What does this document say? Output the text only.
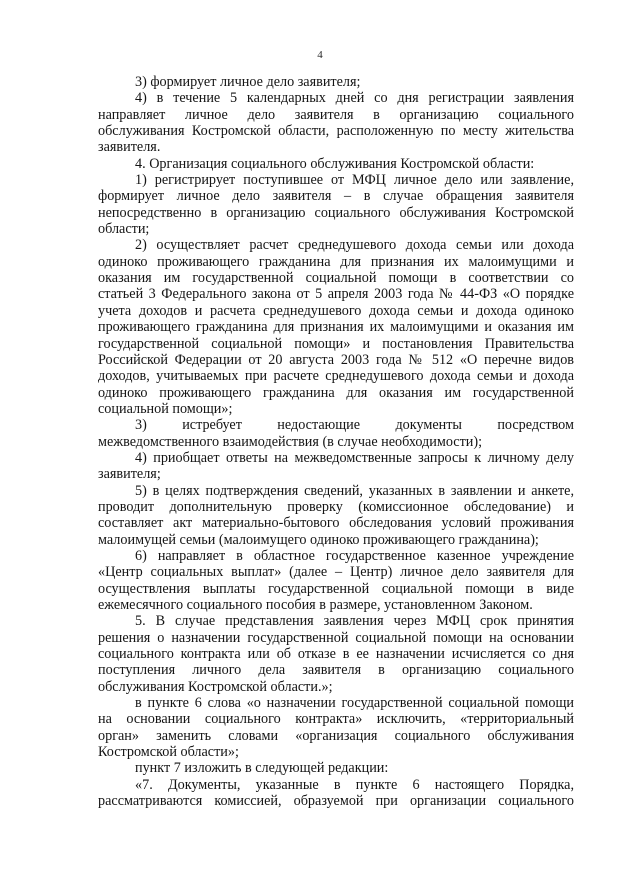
4
3) формирует личное дело заявителя;
4) в течение 5 календарных дней со дня регистрации заявления
направляет личное дело заявителя в организацию социального
обслуживания Костромской области, расположенную по месту жительства
заявителя.
4. Организация социального обслуживания Костромской области:
1) регистрирует поступившее от МФЦ личное дело или заявление,
формирует личное дело заявителя – в случае обращения заявителя
непосредственно в организацию социального обслуживания Костромской
области;
2) осуществляет расчет среднедушевого дохода семьи или дохода
одиноко проживающего гражданина для признания их малоимущими и
оказания им государственной социальной помощи в соответствии со
статьей 3 Федерального закона от 5 апреля 2003 года № 44-ФЗ «О порядке
учета доходов и расчета среднедушевого дохода семьи и дохода одиноко
проживающего гражданина для признания их малоимущими и оказания им
государственной социальной помощи» и постановления Правительства
Российской Федерации от 20 августа 2003 года № 512 «О перечне видов
доходов, учитываемых при расчете среднедушевого дохода семьи и дохода
одиноко проживающего гражданина для оказания им государственной
социальной помощи»;
3) истребует недостающие документы посредством
межведомственного взаимодействия (в случае необходимости);
4) приобщает ответы на межведомственные запросы к личному делу
заявителя;
5) в целях подтверждения сведений, указанных в заявлении и анкете,
проводит дополнительную проверку (комиссионное обследование) и
составляет акт материально-бытового обследования условий проживания
малоимущей семьи (малоимущего одиноко проживающего гражданина);
6) направляет в областное государственное казенное учреждение
«Центр социальных выплат» (далее – Центр) личное дело заявителя для
осуществления выплаты государственной социальной помощи в виде
ежемесячного социального пособия в размере, установленном Законом.
5. В случае представления заявления через МФЦ срок принятия
решения о назначении государственной социальной помощи на основании
социального контракта или об отказе в ее назначении исчисляется со дня
поступления личного дела заявителя в организацию социального
обслуживания Костромской области.»;
в пункте 6 слова «о назначении государственной социальной помощи
на основании социального контракта» исключить, «территориальный
орган» заменить словами «организация социального обслуживания
Костромской области»;
пункт 7 изложить в следующей редакции:
«7. Документы, указанные в пункте 6 настоящего Порядка,
рассматриваются комиссией, образуемой при организации социального
